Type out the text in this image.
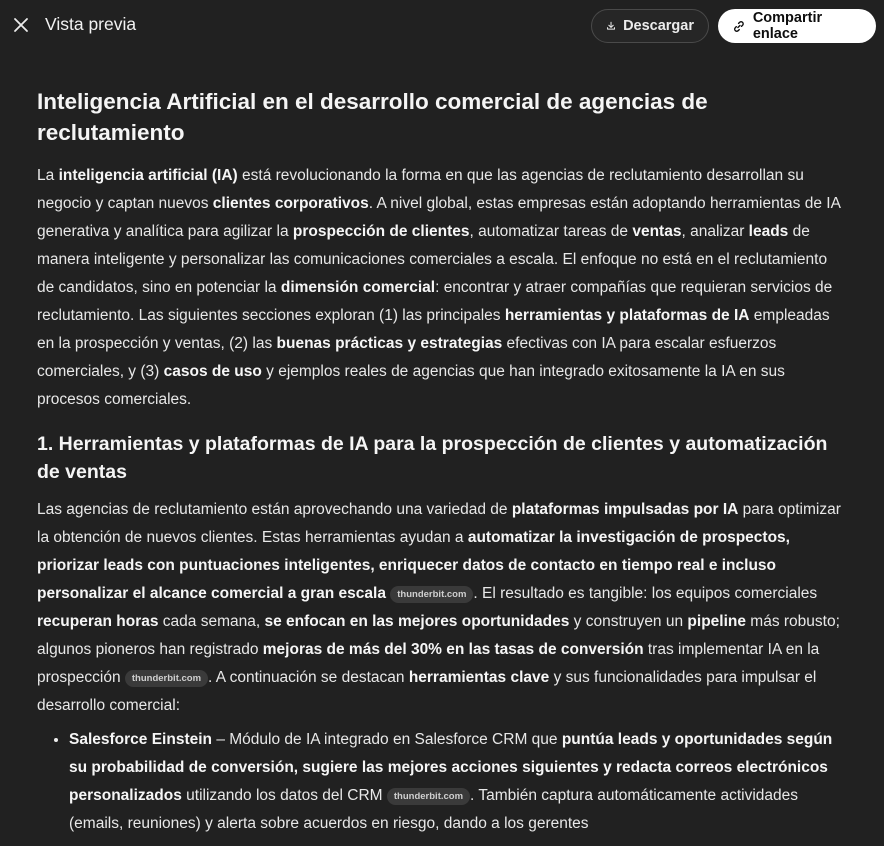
Vista previa	Descargar	Compartir enlace
Inteligencia Artificial en el desarrollo comercial de agencias de reclutamiento

La inteligencia artificial (IA) está revolucionando la forma en que las agencias de reclutamiento desarrollan su negocio y captan nuevos clientes corporativos. A nivel global, estas empresas están adoptando herramientas de IA generativa y analítica para agilizar la prospección de clientes, automatizar tareas de ventas, analizar leads de manera inteligente y personalizar las comunicaciones comerciales a escala. El enfoque no está en el reclutamiento de candidatos, sino en potenciar la dimensión comercial: encontrar y atraer compañías que requieran servicios de reclutamiento. Las siguientes secciones exploran (1) las principales herramientas y plataformas de IA empleadas en la prospección y ventas, (2) las buenas prácticas y estrategias efectivas con IA para escalar esfuerzos comerciales, y (3) casos de uso y ejemplos reales de agencias que han integrado exitosamente la IA en sus procesos comerciales.

1. Herramientas y plataformas de IA para la prospección de clientes y automatización de ventas

Las agencias de reclutamiento están aprovechando una variedad de plataformas impulsadas por IA para optimizar la obtención de nuevos clientes. Estas herramientas ayudan a automatizar la investigación de prospectos, priorizar leads con puntuaciones inteligentes, enriquecer datos de contacto en tiempo real e incluso personalizar el alcance comercial a gran escala thunderbit.com . El resultado es tangible: los equipos comerciales recuperan horas cada semana, se enfocan en las mejores oportunidades y construyen un pipeline más robusto; algunos pioneros han registrado mejoras de más del 30% en las tasas de conversión tras implementar IA en la prospección thunderbit.com . A continuación se destacan herramientas clave y sus funcionalidades para impulsar el desarrollo comercial:

• Salesforce Einstein – Módulo de IA integrado en Salesforce CRM que puntúa leads y oportunidades según su probabilidad de conversión, sugiere las mejores acciones siguientes y redacta correos electrónicos personalizados utilizando los datos del CRM thunderbit.com . También captura automáticamente actividades (emails, reuniones) y alerta sobre acuerdos en riesgo, dando a los gerentes
